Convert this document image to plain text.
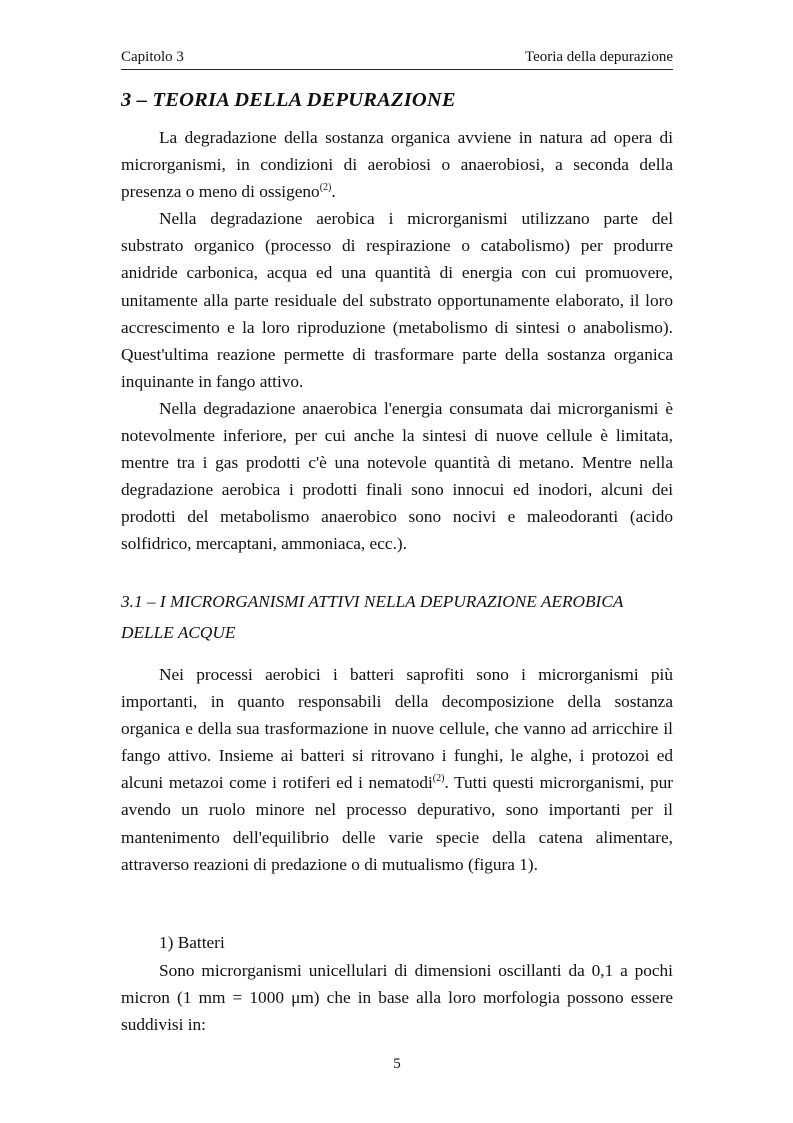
Capitolo 3	Teoria della depurazione
3 – TEORIA DELLA DEPURAZIONE

La degradazione della sostanza organica avviene in natura ad opera di microrganismi, in condizioni di aerobiosi o anaerobiosi, a seconda della presenza o meno di ossigeno$^{(2)}$.

Nella degradazione aerobica i microrganismi utilizzano parte del substrato organico (processo di respirazione o catabolismo) per produrre anidride carbonica, acqua ed una quantità di energia con cui promuovere, unitamente alla parte residuale del substrato opportunamente elaborato, il loro accrescimento e la loro riproduzione (metabolismo di sintesi o anabolismo). Quest'ultima reazione permette di trasformare parte della sostanza organica inquinante in fango attivo.

Nella degradazione anaerobica l'energia consumata dai microrganismi è notevolmente inferiore, per cui anche la sintesi di nuove cellule è limitata, mentre tra i gas prodotti c'è una notevole quantità di metano. Mentre nella degradazione aerobica i prodotti finali sono innocui ed inodori, alcuni dei prodotti del metabolismo anaerobico sono nocivi e maleodoranti (acido solfidrico, mercaptani, ammoniaca, ecc.).

3.1 – I MICRORGANISMI ATTIVI NELLA DEPURAZIONE AEROBICA DELLE ACQUE

Nei processi aerobici i batteri saprofiti sono i microrganismi più importanti, in quanto responsabili della decomposizione della sostanza organica e della sua trasformazione in nuove cellule, che vanno ad arricchire il fango attivo. Insieme ai batteri si ritrovano i funghi, le alghe, i protozoi ed alcuni metazoi come i rotiferi ed i nematodi$^{(2)}$. Tutti questi microrganismi, pur avendo un ruolo minore nel processo depurativo, sono importanti per il mantenimento dell'equilibrio delle varie specie della catena alimentare, attraverso reazioni di predazione o di mutualismo (figura 1).

1) Batteri

Sono microrganismi unicellulari di dimensioni oscillanti da 0,1 a pochi micron (1 mm = 1000 μm) che in base alla loro morfologia possono essere suddivisi in:

5
